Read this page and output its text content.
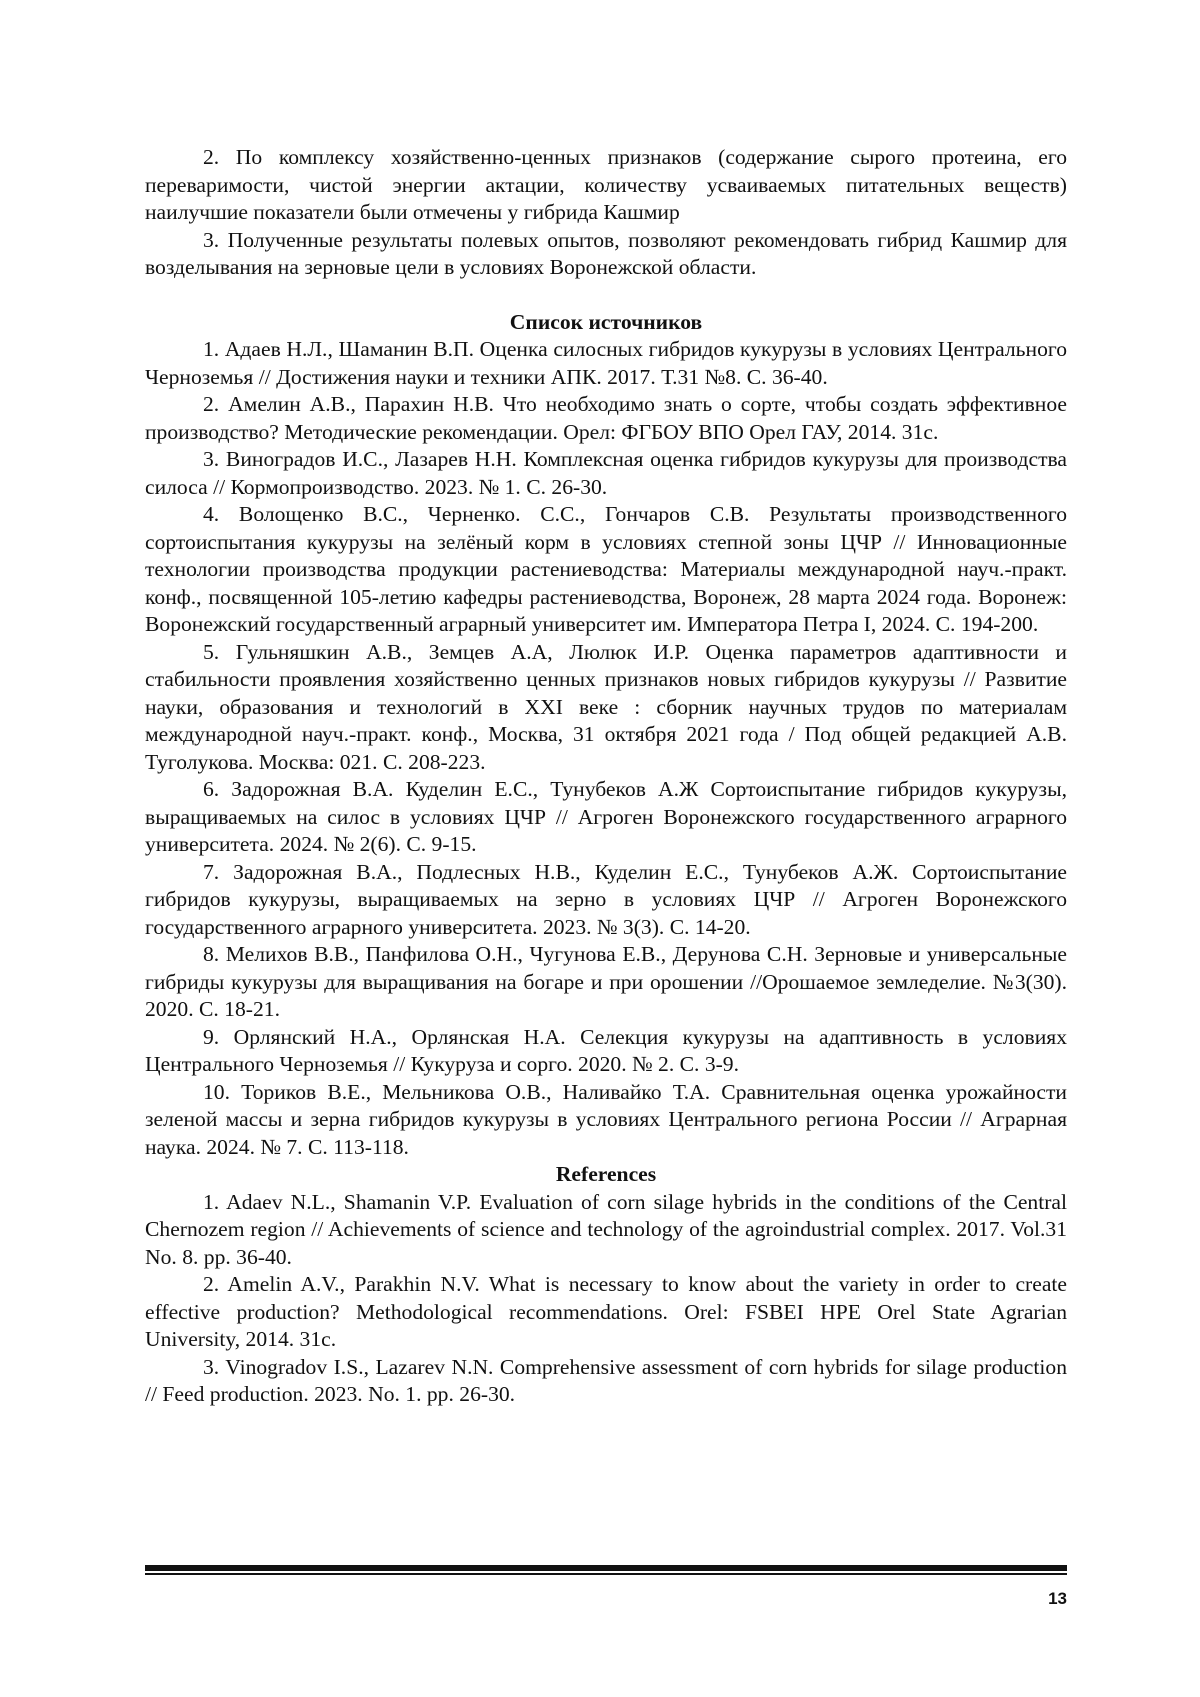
2. По комплексу хозяйственно-ценных признаков (содержание сырого протеина, его переваримости, чистой энергии актации, количеству усваиваемых питательных веществ) наилучшие показатели были отмечены у гибрида Кашмир

3. Полученные результаты полевых опытов, позволяют рекомендовать гибрид Кашмир для возделывания на зерновые цели в условиях Воронежской области.

Список источников

1. Адаев Н.Л., Шаманин В.П. Оценка силосных гибридов кукурузы в условиях Центрального Черноземья // Достижения науки и техники АПК. 2017. Т.31 №8. С. 36-40.

2. Амелин А.В., Парахин Н.В. Что необходимо знать о сорте, чтобы создать эффективное производство? Методические рекомендации. Орел: ФГБОУ ВПО Орел ГАУ, 2014. 31с.

3. Виноградов И.С., Лазарев Н.Н. Комплексная оценка гибридов кукурузы для производства силоса // Кормопроизводство. 2023. № 1. С. 26-30.

4. Волощенко В.С., Черненко. С.С., Гончаров С.В. Результаты производственного сортоиспытания кукурузы на зелёный корм в условиях степной зоны ЦЧР // Инновационные технологии производства продукции растениеводства: Материалы международной науч.-практ. конф., посвященной 105-летию кафедры растениеводства, Воронеж, 28 марта 2024 года. Воронеж: Воронежский государственный аграрный университет им. Императора Петра I, 2024. С. 194-200.

5. Гульняшкин А.В., Земцев А.А, Люлюк И.Р. Оценка параметров адаптивности и стабильности проявления хозяйственно ценных признаков новых гибридов кукурузы // Развитие науки, образования и технологий в XXI веке : сборник научных трудов по материалам международной науч.-практ. конф., Москва, 31 октября 2021 года / Под общей редакцией А.В. Туголукова. Москва: 021. С. 208-223.

6. Задорожная В.А. Куделин Е.С., Тунубеков А.Ж Сортоиспытание гибридов кукурузы, выращиваемых на силос в условиях ЦЧР // Агроген Воронежского государственного аграрного университета. 2024. № 2(6). С. 9-15.

7. Задорожная В.А., Подлесных Н.В., Куделин Е.С., Тунубеков А.Ж. Сортоиспытание гибридов кукурузы, выращиваемых на зерно в условиях ЦЧР // Агроген Воронежского государственного аграрного университета. 2023. № 3(3). С. 14-20.

8. Мелихов В.В., Панфилова О.Н., Чугунова Е.В., Дерунова С.Н. Зерновые и универсальные гибриды кукурузы для выращивания на богаре и при орошении //Орошаемое земледелие. №3(30). 2020. С. 18-21.

9. Орлянский Н.А., Орлянская Н.А. Селекция кукурузы на адаптивность в условиях Центрального Черноземья // Кукуруза и сорго. 2020. № 2. С. 3-9.

10. Ториков В.Е., Мельникова О.В., Наливайко Т.А. Сравнительная оценка урожайности зеленой массы и зерна гибридов кукурузы в условиях Центрального региона России // Аграрная наука. 2024. № 7. С. 113-118.

References

1. Adaev N.L., Shamanin V.P. Evaluation of corn silage hybrids in the conditions of the Central Chernozem region // Achievements of science and technology of the agroindustrial complex. 2017. Vol.31 No. 8. pp. 36-40.

2. Amelin A.V., Parakhin N.V. What is necessary to know about the variety in order to create effective production? Methodological recommendations. Orel: FSBEI HPE Orel State Agrarian University, 2014. 31c.

3. Vinogradov I.S., Lazarev N.N. Comprehensive assessment of corn hybrids for silage production // Feed production. 2023. No. 1. pp. 26-30.

13
